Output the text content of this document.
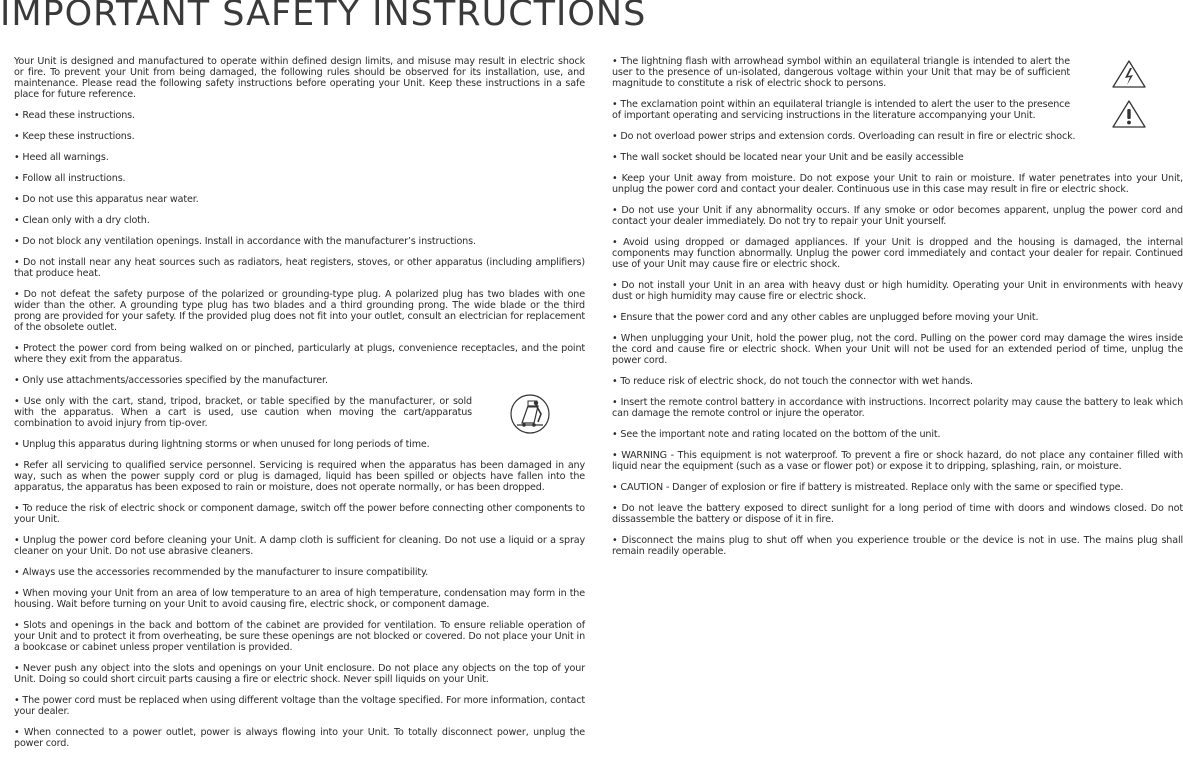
IMPORTANT SAFETY INSTRUCTIONS

Your Unit is designed and manufactured to operate within defined design limits, and misuse may result in electric shock or fire. To prevent your Unit from being damaged, the following rules should be observed for its installation, use, and maintenance. Please read the following safety instructions before operating your Unit. Keep these instructions in a safe place for future reference.

• Read these instructions.

• Keep these instructions.

• Heed all warnings.

• Follow all instructions.

• Do not use this apparatus near water.

• Clean only with a dry cloth.

• Do not block any ventilation openings. Install in accordance with the manufacturer’s instructions.

• Do not install near any heat sources such as radiators, heat registers, stoves, or other apparatus (including amplifiers) that produce heat.

• Do not defeat the safety purpose of the polarized or grounding-type plug. A polarized plug has two blades with one wider than the other. A grounding type plug has two blades and a third grounding prong. The wide blade or the third prong are provided for your safety. If the provided plug does not fit into your outlet, consult an electrician for replacement of the obsolete outlet.

• Protect the power cord from being walked on or pinched, particularly at plugs, convenience receptacles, and the point where they exit from the apparatus.

• Only use attachments/accessories specified by the manufacturer.

• Use only with the cart, stand, tripod, bracket, or table specified by the manufacturer, or sold with the apparatus. When a cart is used, use caution when moving the cart/apparatus combination to avoid injury from tip-over.

• Unplug this apparatus during lightning storms or when unused for long periods of time.

• Refer all servicing to qualified service personnel. Servicing is required when the apparatus has been damaged in any way, such as when the power supply cord or plug is damaged, liquid has been spilled or objects have fallen into the apparatus, the apparatus has been exposed to rain or moisture, does not operate normally, or has been dropped.

• To reduce the risk of electric shock or component damage, switch off the power before connecting other components to your Unit.

• Unplug the power cord before cleaning your Unit. A damp cloth is sufficient for cleaning. Do not use a liquid or a spray cleaner on your Unit. Do not use abrasive cleaners.

• Always use the accessories recommended by the manufacturer to insure compatibility.

• When moving your Unit from an area of low temperature to an area of high temperature, condensation may form in the housing. Wait before turning on your Unit to avoid causing fire, electric shock, or component damage.

• Slots and openings in the back and bottom of the cabinet are provided for ventilation. To ensure reliable operation of your Unit and to protect it from overheating, be sure these openings are not blocked or covered. Do not place your Unit in a bookcase or cabinet unless proper ventilation is provided.

• Never push any object into the slots and openings on your Unit enclosure. Do not place any objects on the top of your Unit. Doing so could short circuit parts causing a fire or electric shock. Never spill liquids on your Unit.

• The power cord must be replaced when using different voltage than the voltage specified. For more information, contact your dealer.

• When connected to a power outlet, power is always flowing into your Unit. To totally disconnect power, unplug the power cord.

• The lightning flash with arrowhead symbol within an equilateral triangle is intended to alert the user to the presence of un-isolated, dangerous voltage within your Unit that may be of sufficient magnitude to constitute a risk of electric shock to persons.

• The exclamation point within an equilateral triangle is intended to alert the user to the presence of important operating and servicing instructions in the literature accompanying your Unit.

• Do not overload power strips and extension cords. Overloading can result in fire or electric shock.

• The wall socket should be located near your Unit and be easily accessible

• Keep your Unit away from moisture. Do not expose your Unit to rain or moisture. If water penetrates into your Unit, unplug the power cord and contact your dealer. Continuous use in this case may result in fire or electric shock.

• Do not use your Unit if any abnormality occurs. If any smoke or odor becomes apparent, unplug the power cord and contact your dealer immediately. Do not try to repair your Unit yourself.

• Avoid using dropped or damaged appliances. If your Unit is dropped and the housing is damaged, the internal components may function abnormally. Unplug the power cord immediately and contact your dealer for repair. Continued use of your Unit may cause fire or electric shock.

• Do not install your Unit in an area with heavy dust or high humidity. Operating your Unit in environments with heavy dust or high humidity may cause fire or electric shock.

• Ensure that the power cord and any other cables are unplugged before moving your Unit.

• When unplugging your Unit, hold the power plug, not the cord. Pulling on the power cord may damage the wires inside the cord and cause fire or electric shock. When your Unit will not be used for an extended period of time, unplug the power cord.

• To reduce risk of electric shock, do not touch the connector with wet hands.

• Insert the remote control battery in accordance with instructions. Incorrect polarity may cause the battery to leak which can damage the remote control or injure the operator.

• See the important note and rating located on the bottom of the unit.

• WARNING - This equipment is not waterproof. To prevent a fire or shock hazard, do not place any container filled with liquid near the equipment (such as a vase or flower pot) or expose it to dripping, splashing, rain, or moisture.

• CAUTION - Danger of explosion or fire if battery is mistreated. Replace only with the same or specified type.

• Do not leave the battery exposed to direct sunlight for a long period of time with doors and windows closed. Do not dissassemble the battery or dispose of it in fire.

• Disconnect the mains plug to shut off when you experience trouble or the device is not in use. The mains plug shall remain readily operable.
